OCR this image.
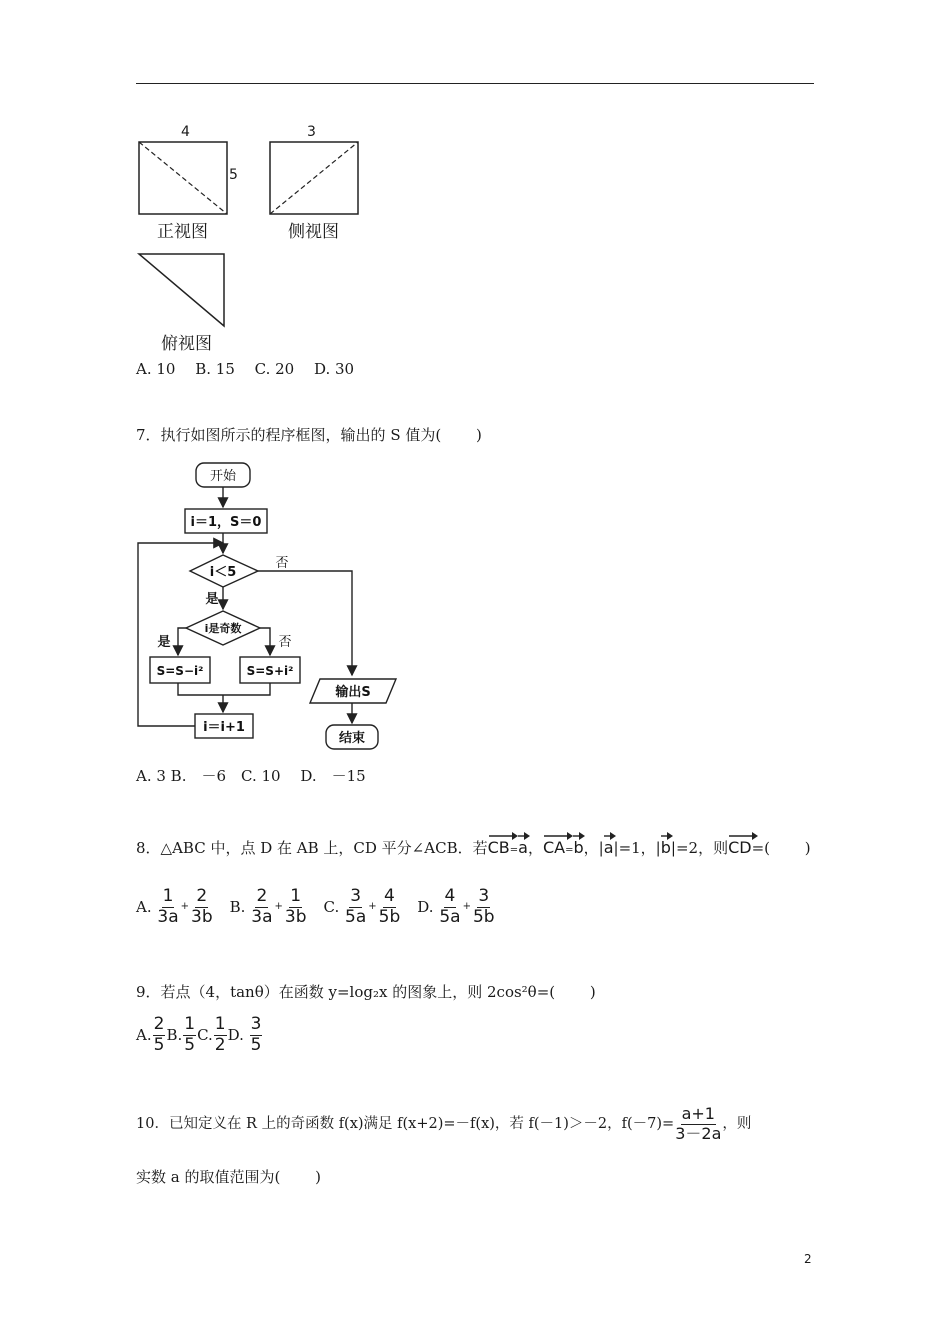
4
5
正视图
3
侧视图
俯视图
A. 10　 B. 15　 C. 20　 D. 30
7．执行如图所示的程序框图，输出的 S 值为(　　 )
开始
i＝1，S＝0
i＜5
否
是
i是奇数
是	否
S=S−i²	S=S+i²
i＝i+1
输出S
结束
A. 3 B.　－6　C. 10　 D.　－15
8．△ABC 中，点 D 在 AB 上，CD 平分∠ACB．若 CB = a ， CA = b ，| a |=1，| b |=2，则 CD =(　　 )
A.
$\frac{1}{3a} + \frac{2}{3b} B$.
$\frac{2}{3a} + \frac{1}{3b} C$.
$\frac{3}{5a} + \frac{4}{5b} D$.
$\frac{4}{5a} + \frac{3}{5b}$
9．若点（4，tanθ）在函数 y=log₂x 的图象上，则 2cos²θ=(　　 )
A. $\frac{2}{5} B$. $\frac{1}{5} C$. $\frac{1}{2} D$.
$\frac{3}{5}$
10．已知定义在 R 上的奇函数 f(x)满足 f(x+2)=－f(x)，若 f(－1)＞－2，$f(-7)= \frac{a+1}{3-2a}$ ，则
实数 a 的取值范围为(　　 )
2
